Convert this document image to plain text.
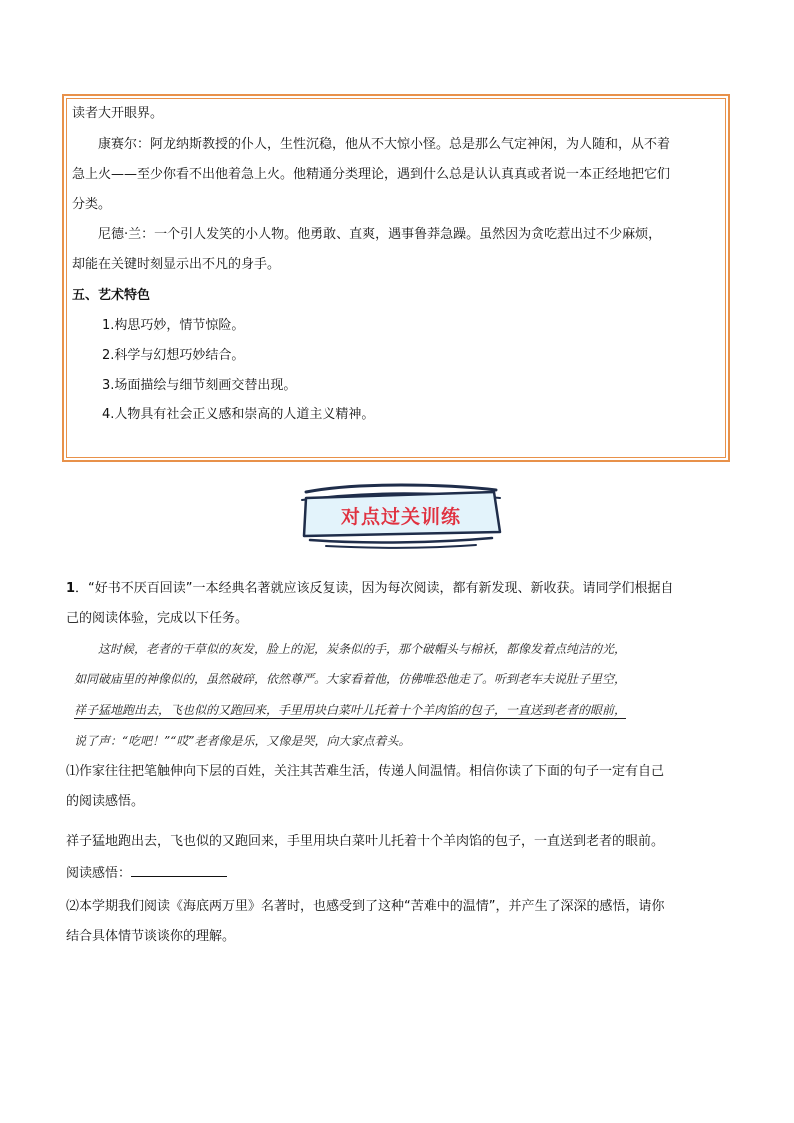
读者大开眼界。
康赛尔：阿龙纳斯教授的仆人，生性沉稳，他从不大惊小怪。总是那么气定神闲，为人随和，从不着
急上火——至少你看不出他着急上火。他精通分类理论，遇到什么总是认认真真或者说一本正经地把它们
分类。
尼德·兰：一个引人发笑的小人物。他勇敢、直爽，遇事鲁莽急躁。虽然因为贪吃惹出过不少麻烦，
却能在关键时刻显示出不凡的身手。
五、艺术特色
1.构思巧妙，情节惊险。
2.科学与幻想巧妙结合。
3.场面描绘与细节刻画交替出现。
4.人物具有社会正义感和崇高的人道主义精神。
对点过关训练
1．“好书不厌百回读”一本经典名著就应该反复读，因为每次阅读，都有新发现、新收获。请同学们根据自
己的阅读体验，完成以下任务。
这时候，老者的干草似的灰发，脸上的泥，炭条似的手，那个破帽头与棉袄，都像发着点纯洁的光，
如同破庙里的神像似的，虽然破碎，依然尊严。大家看着他，仿佛唯恐他走了。听到老车夫说肚子里空，
祥子猛地跑出去，飞也似的又跑回来，手里用块白菜叶儿托着十个羊肉馅的包子，一直送到老者的眼前，
说了声：“吃吧！”“哎”老者像是乐，又像是哭，向大家点着头。
⑴作家往往把笔触伸向下层的百姓，关注其苦难生活，传递人间温情。相信你读了下面的句子一定有自己
的阅读感悟。
祥子猛地跑出去，飞也似的又跑回来，手里用块白菜叶儿托着十个羊肉馅的包子，一直送到老者的眼前。
阅读感悟：
⑵本学期我们阅读《海底两万里》名著时，也感受到了这种“苦难中的温情”，并产生了深深的感悟，请你
结合具体情节谈谈你的理解。
